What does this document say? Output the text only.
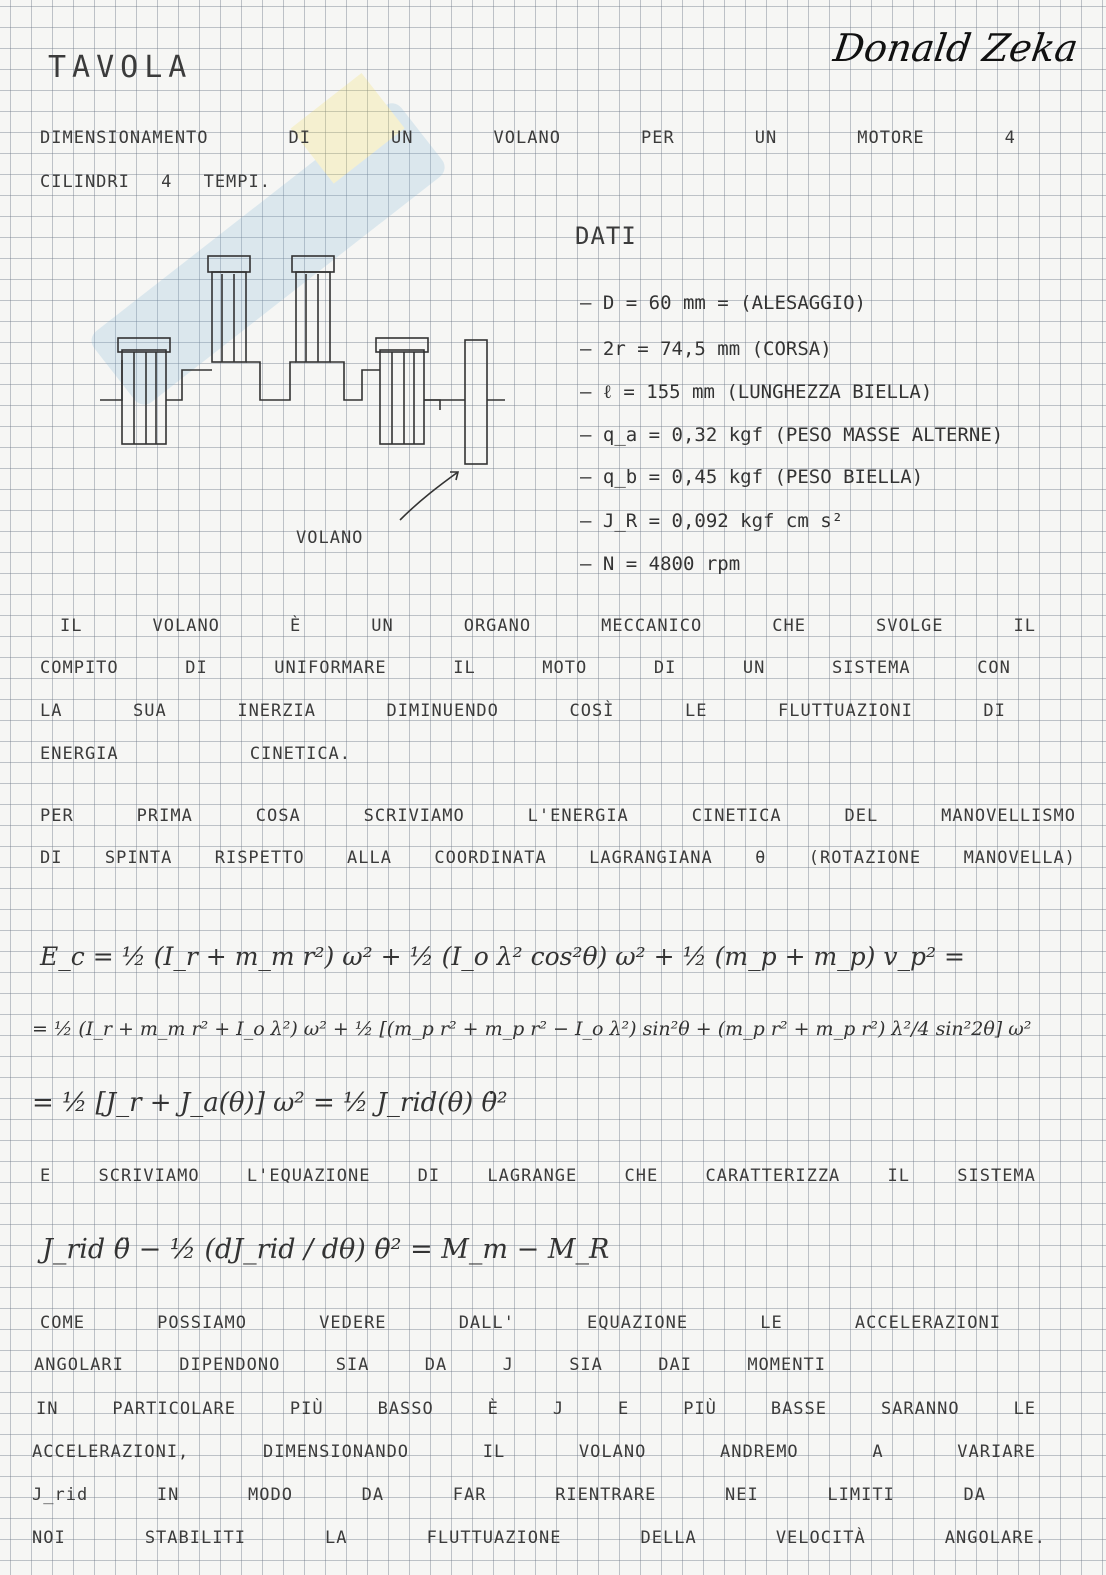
TAVOLA	Donald Zeka
DIMENSIONAMENTO	DI	UN	VOLANO	PER	UN	MOTORE	4
CILINDRI 4 TEMPI.
VOLANO
DATI
– D = 60 mm = (ALESAGGIO)
– 2r = 74,5 mm (CORSA)
– ℓ = 155 mm (LUNGHEZZA BIELLA)
– q_a = 0,32 kgf (PESO MASSE ALTERNE)
– q_b = 0,45 kgf (PESO BIELLA)
– J_R = 0,092 kgf cm s²
– N = 4800 rpm
IL	VOLANO	È	UN	ORGANO	MECCANICO	CHE	SVOLGE	IL
COMPITO	DI	UNIFORMARE	IL	MOTO	DI	UN	SISTEMA	CON
LA	SUA	INERZIA	DIMINUENDO	COSÌ	LE	FLUTTUAZIONI	DI
ENERGIA	CINETICA.
PER	PRIMA	COSA	SCRIVIAMO	L'ENERGIA	CINETICA	DEL	MANOVELLISMO
DI SPINTA RISPETTO ALLA COORDINATA LAGRANGIANA θ (ROTAZIONE MANOVELLA)
E_c = ½ (I_r + m_m r²) ω² + ½ (I_o λ² cos²θ) ω² + ½ (m_p + m_p) v_p² =
= ½ (I_r + m_m r² + I_o λ²) ω² + ½ [(m_p r² + m_p r² − I_o λ²) sin²θ + (m_p r² + m_p r²) λ²/4 sin²2θ] ω²
= ½ [J_r + J_a(θ)] ω² = ½ J_rid(θ) θ̇²
E	SCRIVIAMO	L'EQUAZIONE	DI	LAGRANGE	CHE	CARATTERIZZA	IL	SISTEMA
J_rid θ̈ − ½ (dJ_rid / dθ) θ̇² = M_m − M_R
COME	POSSIAMO	VEDERE	DALL'	EQUAZIONE	LE	ACCELERAZIONI
ANGOLARI	DIPENDONO	SIA	DA	J	SIA	DAI	MOMENTI
IN	PARTICOLARE	PIÙ	BASSO	È	J	E	PIÙ	BASSE	SARANNO	LE
ACCELERAZIONI,	DIMENSIONANDO	IL	VOLANO	ANDREMO	A	VARIARE
J_rid	IN	MODO	DA	FAR	RIENTRARE	NEI	LIMITI	DA
NOI	STABILITI	LA	FLUTTUAZIONE	DELLA	VELOCITÀ	ANGOLARE.
